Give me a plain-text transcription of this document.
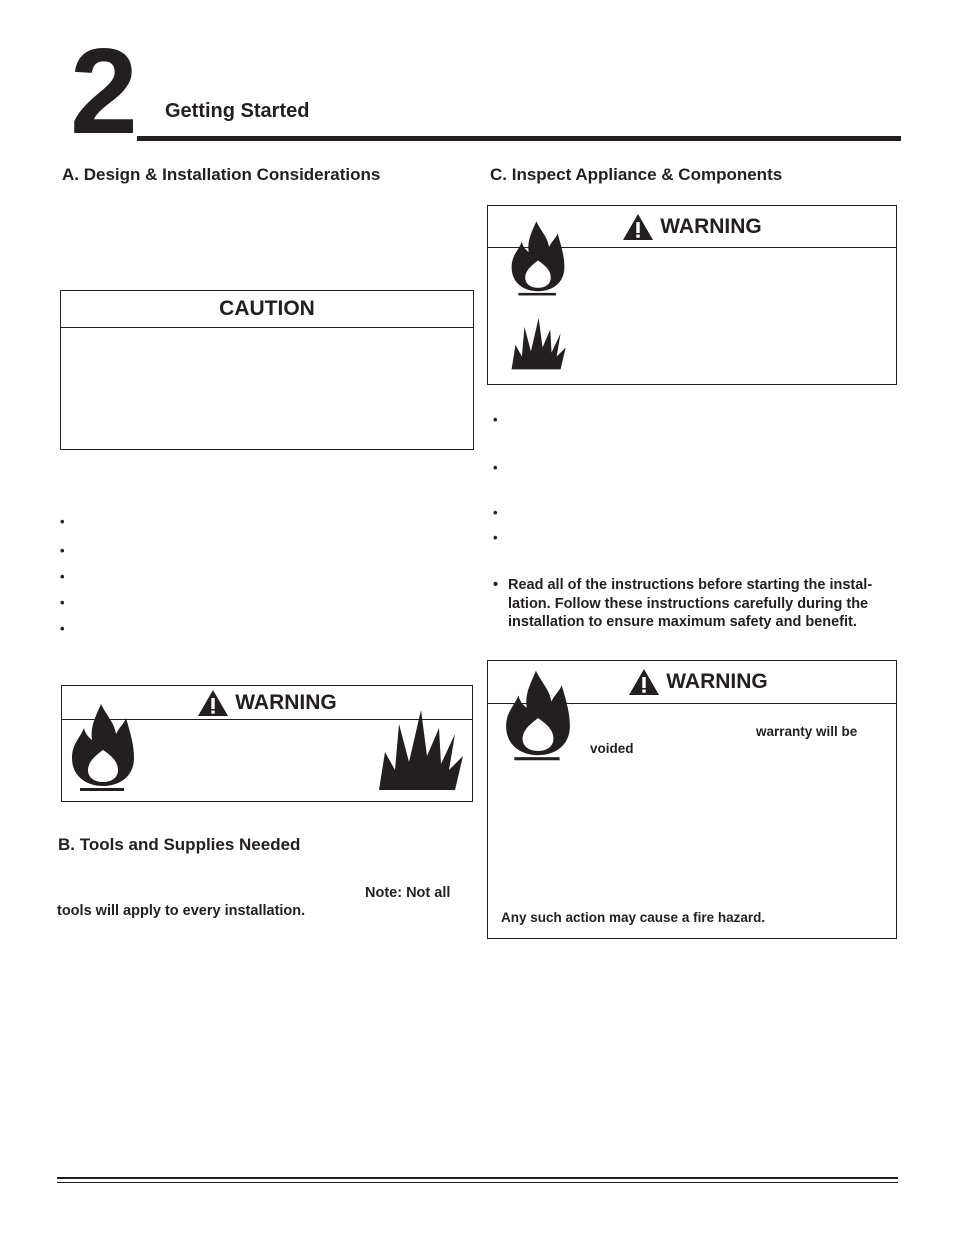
2 Getting Started
A. Design & Installation Considerations
CAUTION
•
•
•
•
•
WARNING
B. Tools and Supplies Needed
Note: Not all
tools will apply to every installation.
C. Inspect Appliance & Components
WARNING
•
•
•
•
• Read all of the instructions before starting the instal-
lation. Follow these instructions carefully during the
installation to ensure maximum safety and benefit.
WARNING
warranty will be
voided
Any such action may cause a fire hazard.
